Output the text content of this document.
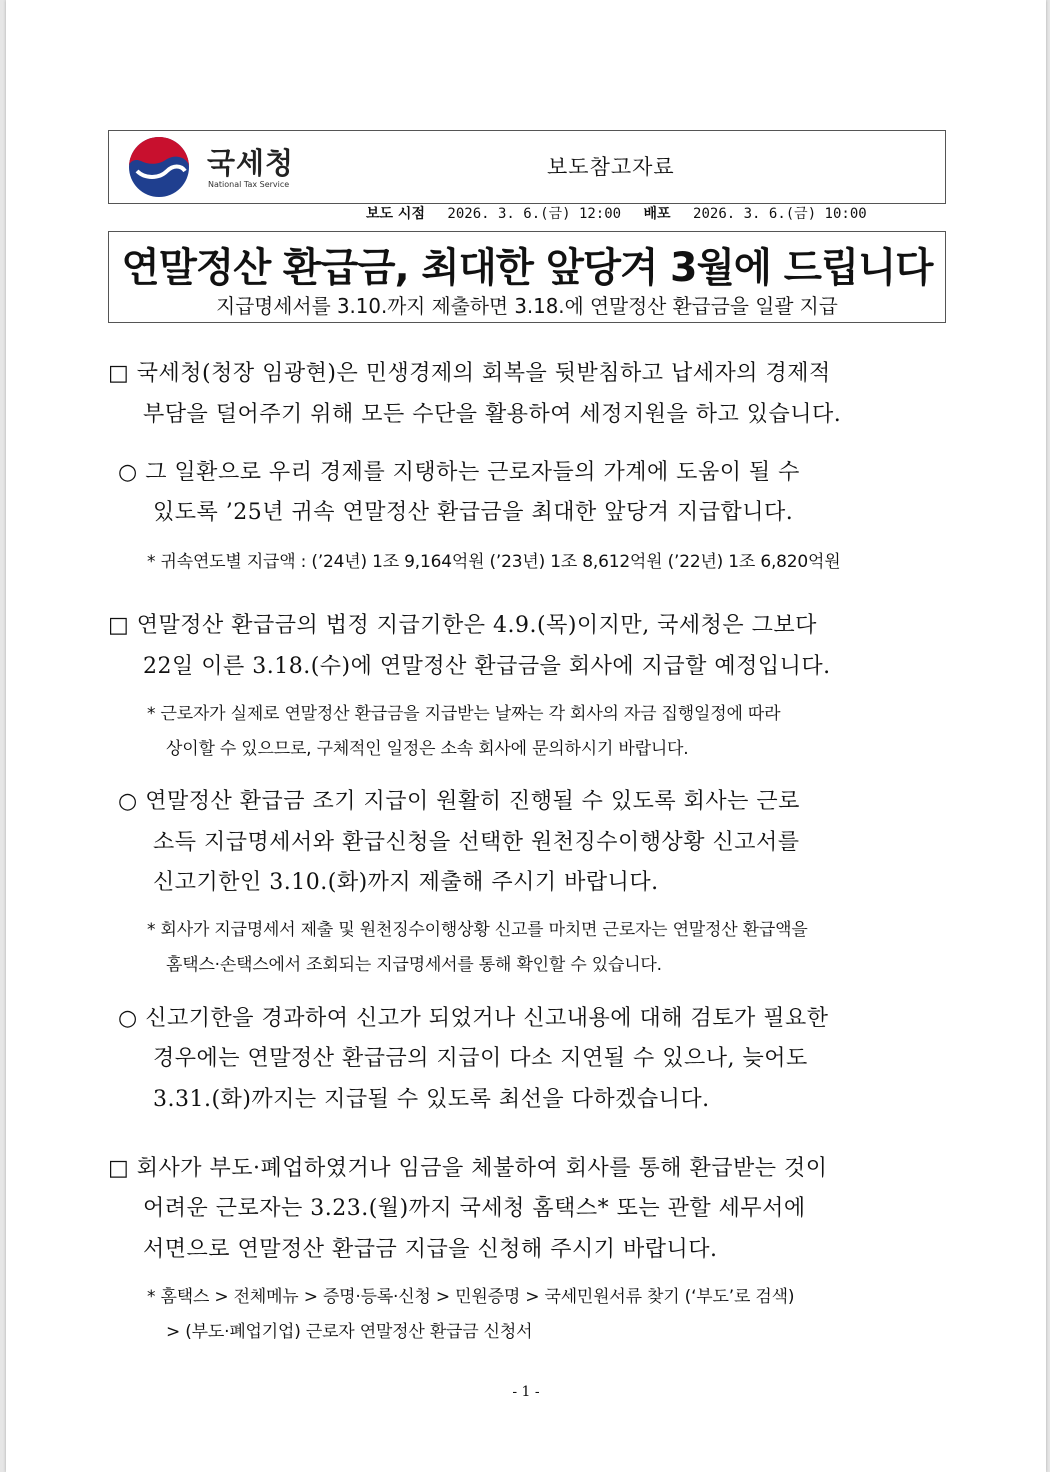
국세청
National Tax Service
보도참고자료
보도 시점 2026. 3. 6.(금) 12:00 배포 2026. 3. 6.(금) 10:00
연말정산 환급금, 최대한 앞당겨 3월에 드립니다
지급명세서를 3.10.까지 제출하면 3.18.에 연말정산 환급금을 일괄 지급
□ 국세청(청장 임광현)은 민생경제의 회복을 뒷받침하고 납세자의 경제적
부담을 덜어주기 위해 모든 수단을 활용하여 세정지원을 하고 있습니다.
○ 그 일환으로 우리 경제를 지탱하는 근로자들의 가계에 도움이 될 수
있도록 ’25년 귀속 연말정산 환급금을 최대한 앞당겨 지급합니다.
* 귀속연도별 지급액 : (’24년) 1조 9,164억원 (’23년) 1조 8,612억원 (’22년) 1조 6,820억원
□ 연말정산 환급금의 법정 지급기한은 4.9.(목)이지만, 국세청은 그보다
22일 이른 3.18.(수)에 연말정산 환급금을 회사에 지급할 예정입니다.
* 근로자가 실제로 연말정산 환급금을 지급받는 날짜는 각 회사의 자금 집행일정에 따라
상이할 수 있으므로, 구체적인 일정은 소속 회사에 문의하시기 바랍니다.
○ 연말정산 환급금 조기 지급이 원활히 진행될 수 있도록 회사는 근로
소득 지급명세서와 환급신청을 선택한 원천징수이행상황 신고서를
신고기한인 3.10.(화)까지 제출해 주시기 바랍니다.
* 회사가 지급명세서 제출 및 원천징수이행상황 신고를 마치면 근로자는 연말정산 환급액을
홈택스·손택스에서 조회되는 지급명세서를 통해 확인할 수 있습니다.
○ 신고기한을 경과하여 신고가 되었거나 신고내용에 대해 검토가 필요한
경우에는 연말정산 환급금의 지급이 다소 지연될 수 있으나, 늦어도
3.31.(화)까지는 지급될 수 있도록 최선을 다하겠습니다.
□ 회사가 부도·폐업하였거나 임금을 체불하여 회사를 통해 환급받는 것이
어려운 근로자는 3.23.(월)까지 국세청 홈택스* 또는 관할 세무서에
서면으로 연말정산 환급금 지급을 신청해 주시기 바랍니다.
* 홈택스 > 전체메뉴 > 증명·등록·신청 > 민원증명 > 국세민원서류 찾기 (‘부도’로 검색)
> (부도·폐업기업) 근로자 연말정산 환급금 신청서
- 1 -
